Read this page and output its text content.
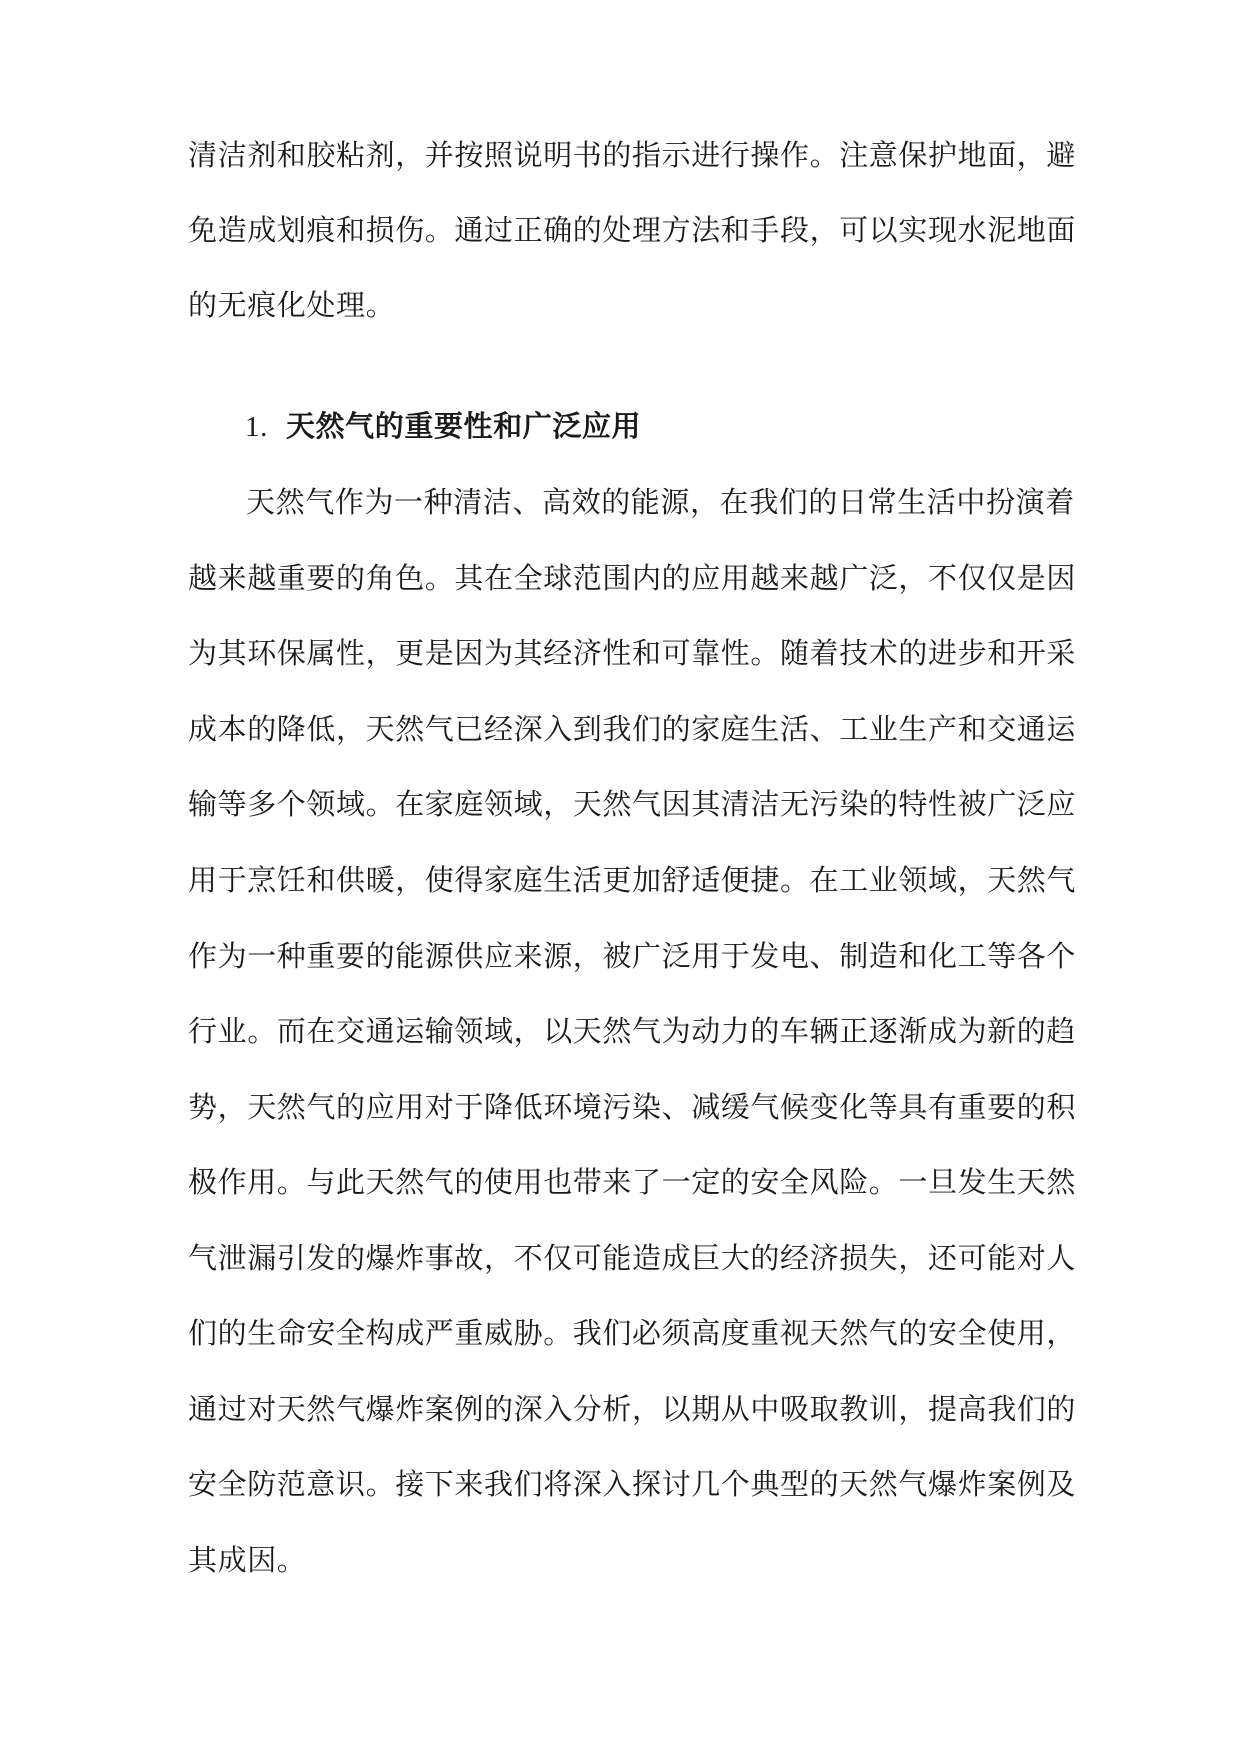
清洁剂和胶粘剂，并按照说明书的指示进行操作。注意保护地面，避
免造成划痕和损伤。通过正确的处理方法和手段，可以实现水泥地面
的无痕化处理。
1. 天然气的重要性和广泛应用
天然气作为一种清洁、高效的能源，在我们的日常生活中扮演着
越来越重要的角色。其在全球范围内的应用越来越广泛，不仅仅是因
为其环保属性，更是因为其经济性和可靠性。随着技术的进步和开采
成本的降低，天然气已经深入到我们的家庭生活、工业生产和交通运
输等多个领域。在家庭领域，天然气因其清洁无污染的特性被广泛应
用于烹饪和供暖，使得家庭生活更加舒适便捷。在工业领域，天然气
作为一种重要的能源供应来源，被广泛用于发电、制造和化工等各个
行业。而在交通运输领域，以天然气为动力的车辆正逐渐成为新的趋
势，天然气的应用对于降低环境污染、减缓气候变化等具有重要的积
极作用。与此天然气的使用也带来了一定的安全风险。一旦发生天然
气泄漏引发的爆炸事故，不仅可能造成巨大的经济损失，还可能对人
们的生命安全构成严重威胁。我们必须高度重视天然气的安全使用，
通过对天然气爆炸案例的深入分析，以期从中吸取教训，提高我们的
安全防范意识。接下来我们将深入探讨几个典型的天然气爆炸案例及
其成因。
